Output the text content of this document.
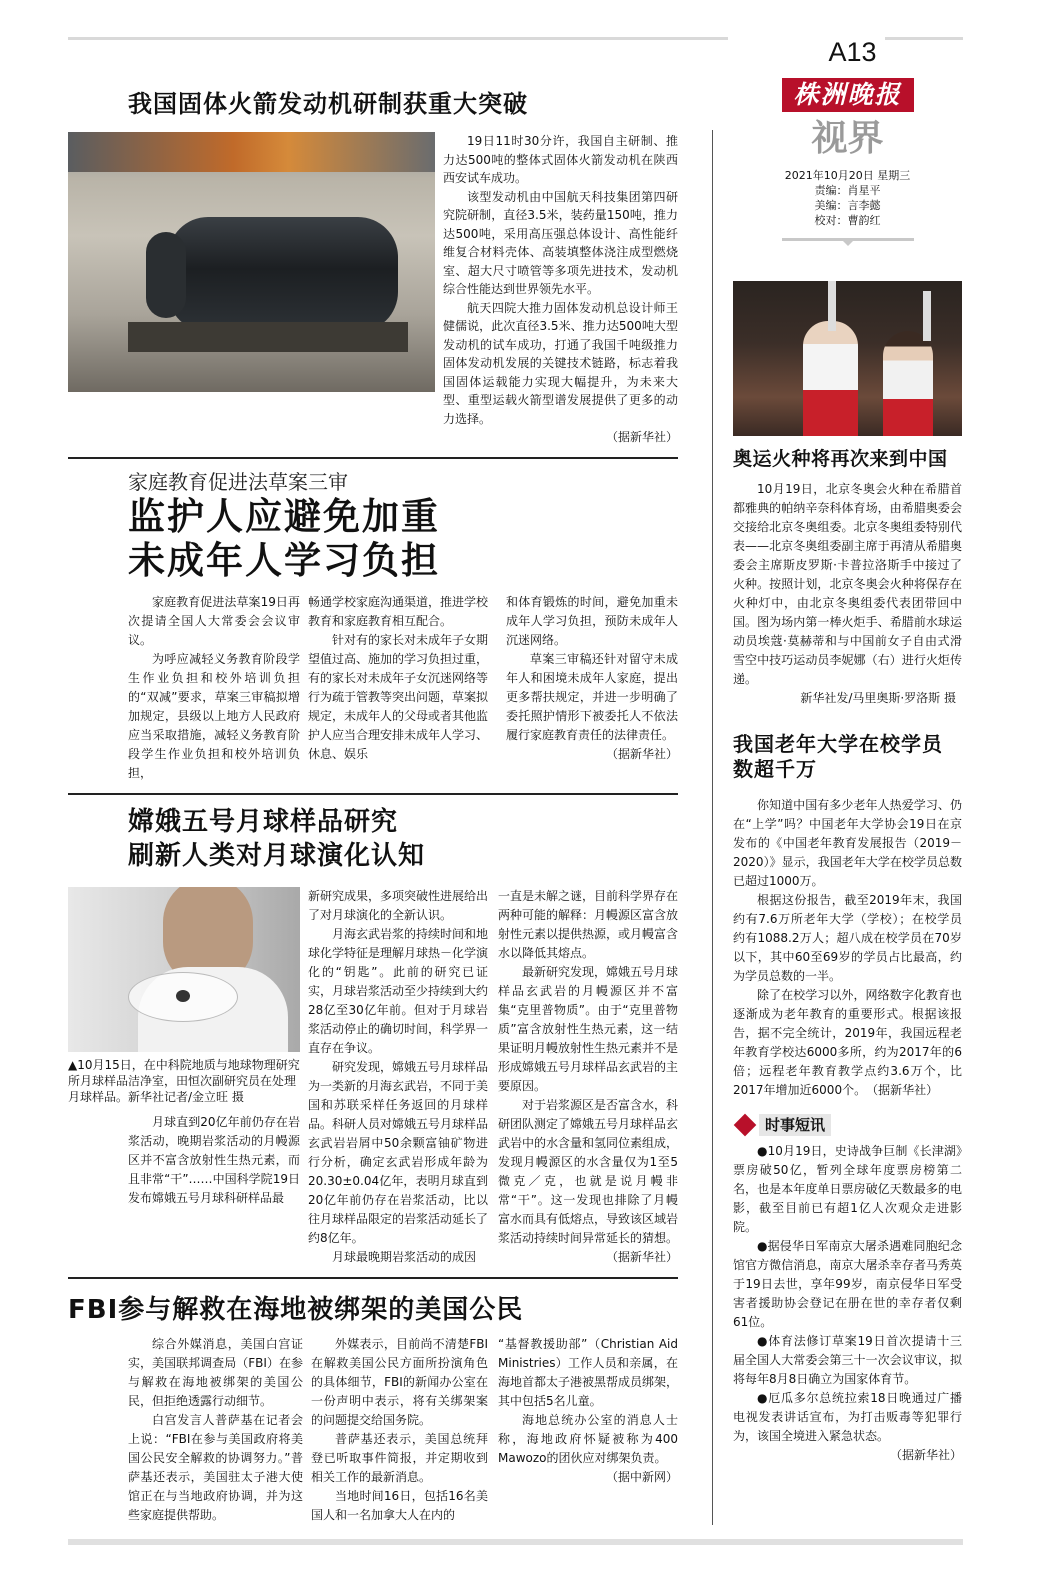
我国固体火箭发动机研制获重大突破

19日11时30分许，我国自主研制、推力达500吨的整体式固体火箭发动机在陕西西安试车成功。

该型发动机由中国航天科技集团第四研究院研制，直径3.5米，装药量150吨，推力达500吨，采用高压强总体设计、高性能纤维复合材料壳体、高装填整体浇注成型燃烧室、超大尺寸喷管等多项先进技术，发动机综合性能达到世界领先水平。

航天四院大推力固体发动机总设计师王健儒说，此次直径3.5米、推力达500吨大型发动机的试车成功，打通了我国千吨级推力固体发动机发展的关键技术链路，标志着我国固体运载能力实现大幅提升，为未来大型、重型运载火箭型谱发展提供了更多的动力选择。

（据新华社）
家庭教育促进法草案三审
监护人应避免加重
未成年人学习负担

家庭教育促进法草案19日再次提请全国人大常委会会议审议。

为呼应减轻义务教育阶段学生作业负担和校外培训负担的“双减”要求，草案三审稿拟增加规定，县级以上地方人民政府应当采取措施，减轻义务教育阶段学生作业负担和校外培训负担，

畅通学校家庭沟通渠道，推进学校教育和家庭教育相互配合。

针对有的家长对未成年子女期望值过高、施加的学习负担过重，有的家长对未成年子女沉迷网络等行为疏于管教等突出问题，草案拟规定，未成年人的父母或者其他监护人应当合理安排未成年人学习、休息、娱乐

和体育锻炼的时间，避免加重未成年人学习负担，预防未成年人沉迷网络。

草案三审稿还针对留守未成年人和困境未成年人家庭，提出更多帮扶规定，并进一步明确了委托照护情形下被委托人不依法履行家庭教育责任的法律责任。

（据新华社）
嫦娥五号月球样品研究
刷新人类对月球演化认知
▲10月15日，在中科院地质与地球物理研究所月球样品洁净室，田恒次副研究员在处理月球样品。新华社记者/金立旺 摄

月球直到20亿年前仍存在岩浆活动，晚期岩浆活动的月幔源区并不富含放射性生热元素，而且非常“干”……中国科学院19日发布嫦娥五号月球科研样品最

新研究成果，多项突破性进展给出了对月球演化的全新认识。

月海玄武岩浆的持续时间和地球化学特征是理解月球热－化学演化的“钥匙”。此前的研究已证实，月球岩浆活动至少持续到大约28亿至30亿年前。但对于月球岩浆活动停止的确切时间，科学界一直存在争议。

研究发现，嫦娥五号月球样品为一类新的月海玄武岩，不同于美国和苏联采样任务返回的月球样品。科研人员对嫦娥五号月球样品玄武岩岩屑中50余颗富铀矿物进行分析，确定玄武岩形成年龄为20.30±0.04亿年，表明月球直到20亿年前仍存在岩浆活动，比以往月球样品限定的岩浆活动延长了约8亿年。

月球最晚期岩浆活动的成因

一直是未解之谜，目前科学界存在两种可能的解释：月幔源区富含放射性元素以提供热源，或月幔富含水以降低其熔点。

最新研究发现，嫦娥五号月球样品玄武岩的月幔源区并不富集“克里普物质”。由于“克里普物质”富含放射性生热元素，这一结果证明月幔放射性生热元素并不是形成嫦娥五号月球样品玄武岩的主要原因。

对于岩浆源区是否富含水，科研团队测定了嫦娥五号月球样品玄武岩中的水含量和氢同位素组成，发现月幔源区的水含量仅为1至5微克／克，也就是说月幔非常“干”。这一发现也排除了月幔富水而具有低熔点，导致该区域岩浆活动持续时间异常延长的猜想。

（据新华社）
FBI参与解救在海地被绑架的美国公民

综合外媒消息，美国白宫证实，美国联邦调查局（FBI）在参与解救在海地被绑架的美国公民，但拒绝透露行动细节。

白宫发言人普萨基在记者会上说：“FBI在参与美国政府将美国公民安全解救的协调努力。”普萨基还表示，美国驻太子港大使馆正在与当地政府协调，并为这些家庭提供帮助。

外媒表示，目前尚不清楚FBI在解救美国公民方面所扮演角色的具体细节，FBI的新闻办公室在一份声明中表示，将有关绑架案的问题提交给国务院。

普萨基还表示，美国总统拜登已听取事件简报，并定期收到相关工作的最新消息。

当地时间16日，包括16名美国人和一名加拿大人在内的

“基督教援助部”（Christian Aid Ministries）工作人员和亲属，在海地首都太子港被黑帮成员绑架，其中包括5名儿童。

海地总统办公室的消息人士称，海地政府怀疑被称为400 Mawozo的团伙应对绑架负责。

（据中新网）
A13
株洲晚报
视界
2021年10月20日 星期三
责编：肖星平
美编：言李懿
校对：曹韵红
奥运火种将再次来到中国

10月19日，北京冬奥会火种在希腊首都雅典的帕纳辛奈科体育场，由希腊奥委会交接给北京冬奥组委。北京冬奥组委特别代表——北京冬奥组委副主席于再清从希腊奥委会主席斯皮罗斯·卡普拉洛斯手中接过了火种。按照计划，北京冬奥会火种将保存在火种灯中，由北京冬奥组委代表团带回中国。图为场内第一棒火炬手、希腊前水球运动员埃蔻·莫赫蒂和与中国前女子自由式滑雪空中技巧运动员李妮娜（右）进行火炬传递。

新华社发/马里奥斯·罗洛斯 摄
我国老年大学在校学员数超千万

你知道中国有多少老年人热爱学习、仍在“上学”吗？中国老年大学协会19日在京发布的《中国老年教育发展报告（2019－2020）》显示，我国老年大学在校学员总数已超过1000万。

根据这份报告，截至2019年末，我国约有7.6万所老年大学（学校）；在校学员约有1088.2万人；超八成在校学员在70岁以下，其中60至69岁的学员占比最高，约为学员总数的一半。

除了在校学习以外，网络数字化教育也逐渐成为老年教育的重要形式。根据该报告，据不完全统计，2019年，我国远程老年教育学校达6000多所，约为2017年的6倍；远程老年教育教学点约3.6万个，比2017年增加近6000个。　 （据新华社）

时事短讯

●10月19日，史诗战争巨制《长津湖》票房破50亿，暂列全球年度票房榜第二名，也是本年度单日票房破亿天数最多的电影，截至目前已有超1亿人次观众走进影院。

●据侵华日军南京大屠杀遇难同胞纪念馆官方微信消息，南京大屠杀幸存者马秀英于19日去世，享年99岁，南京侵华日军受害者援助协会登记在册在世的幸存者仅剩61位。

●体育法修订草案19日首次提请十三届全国人大常委会第三十一次会议审议，拟将每年8月8日确立为国家体育节。

●厄瓜多尔总统拉索18日晚通过广播电视发表讲话宣布，为打击贩毒等犯罪行为，该国全境进入紧急状态。

（据新华社）
